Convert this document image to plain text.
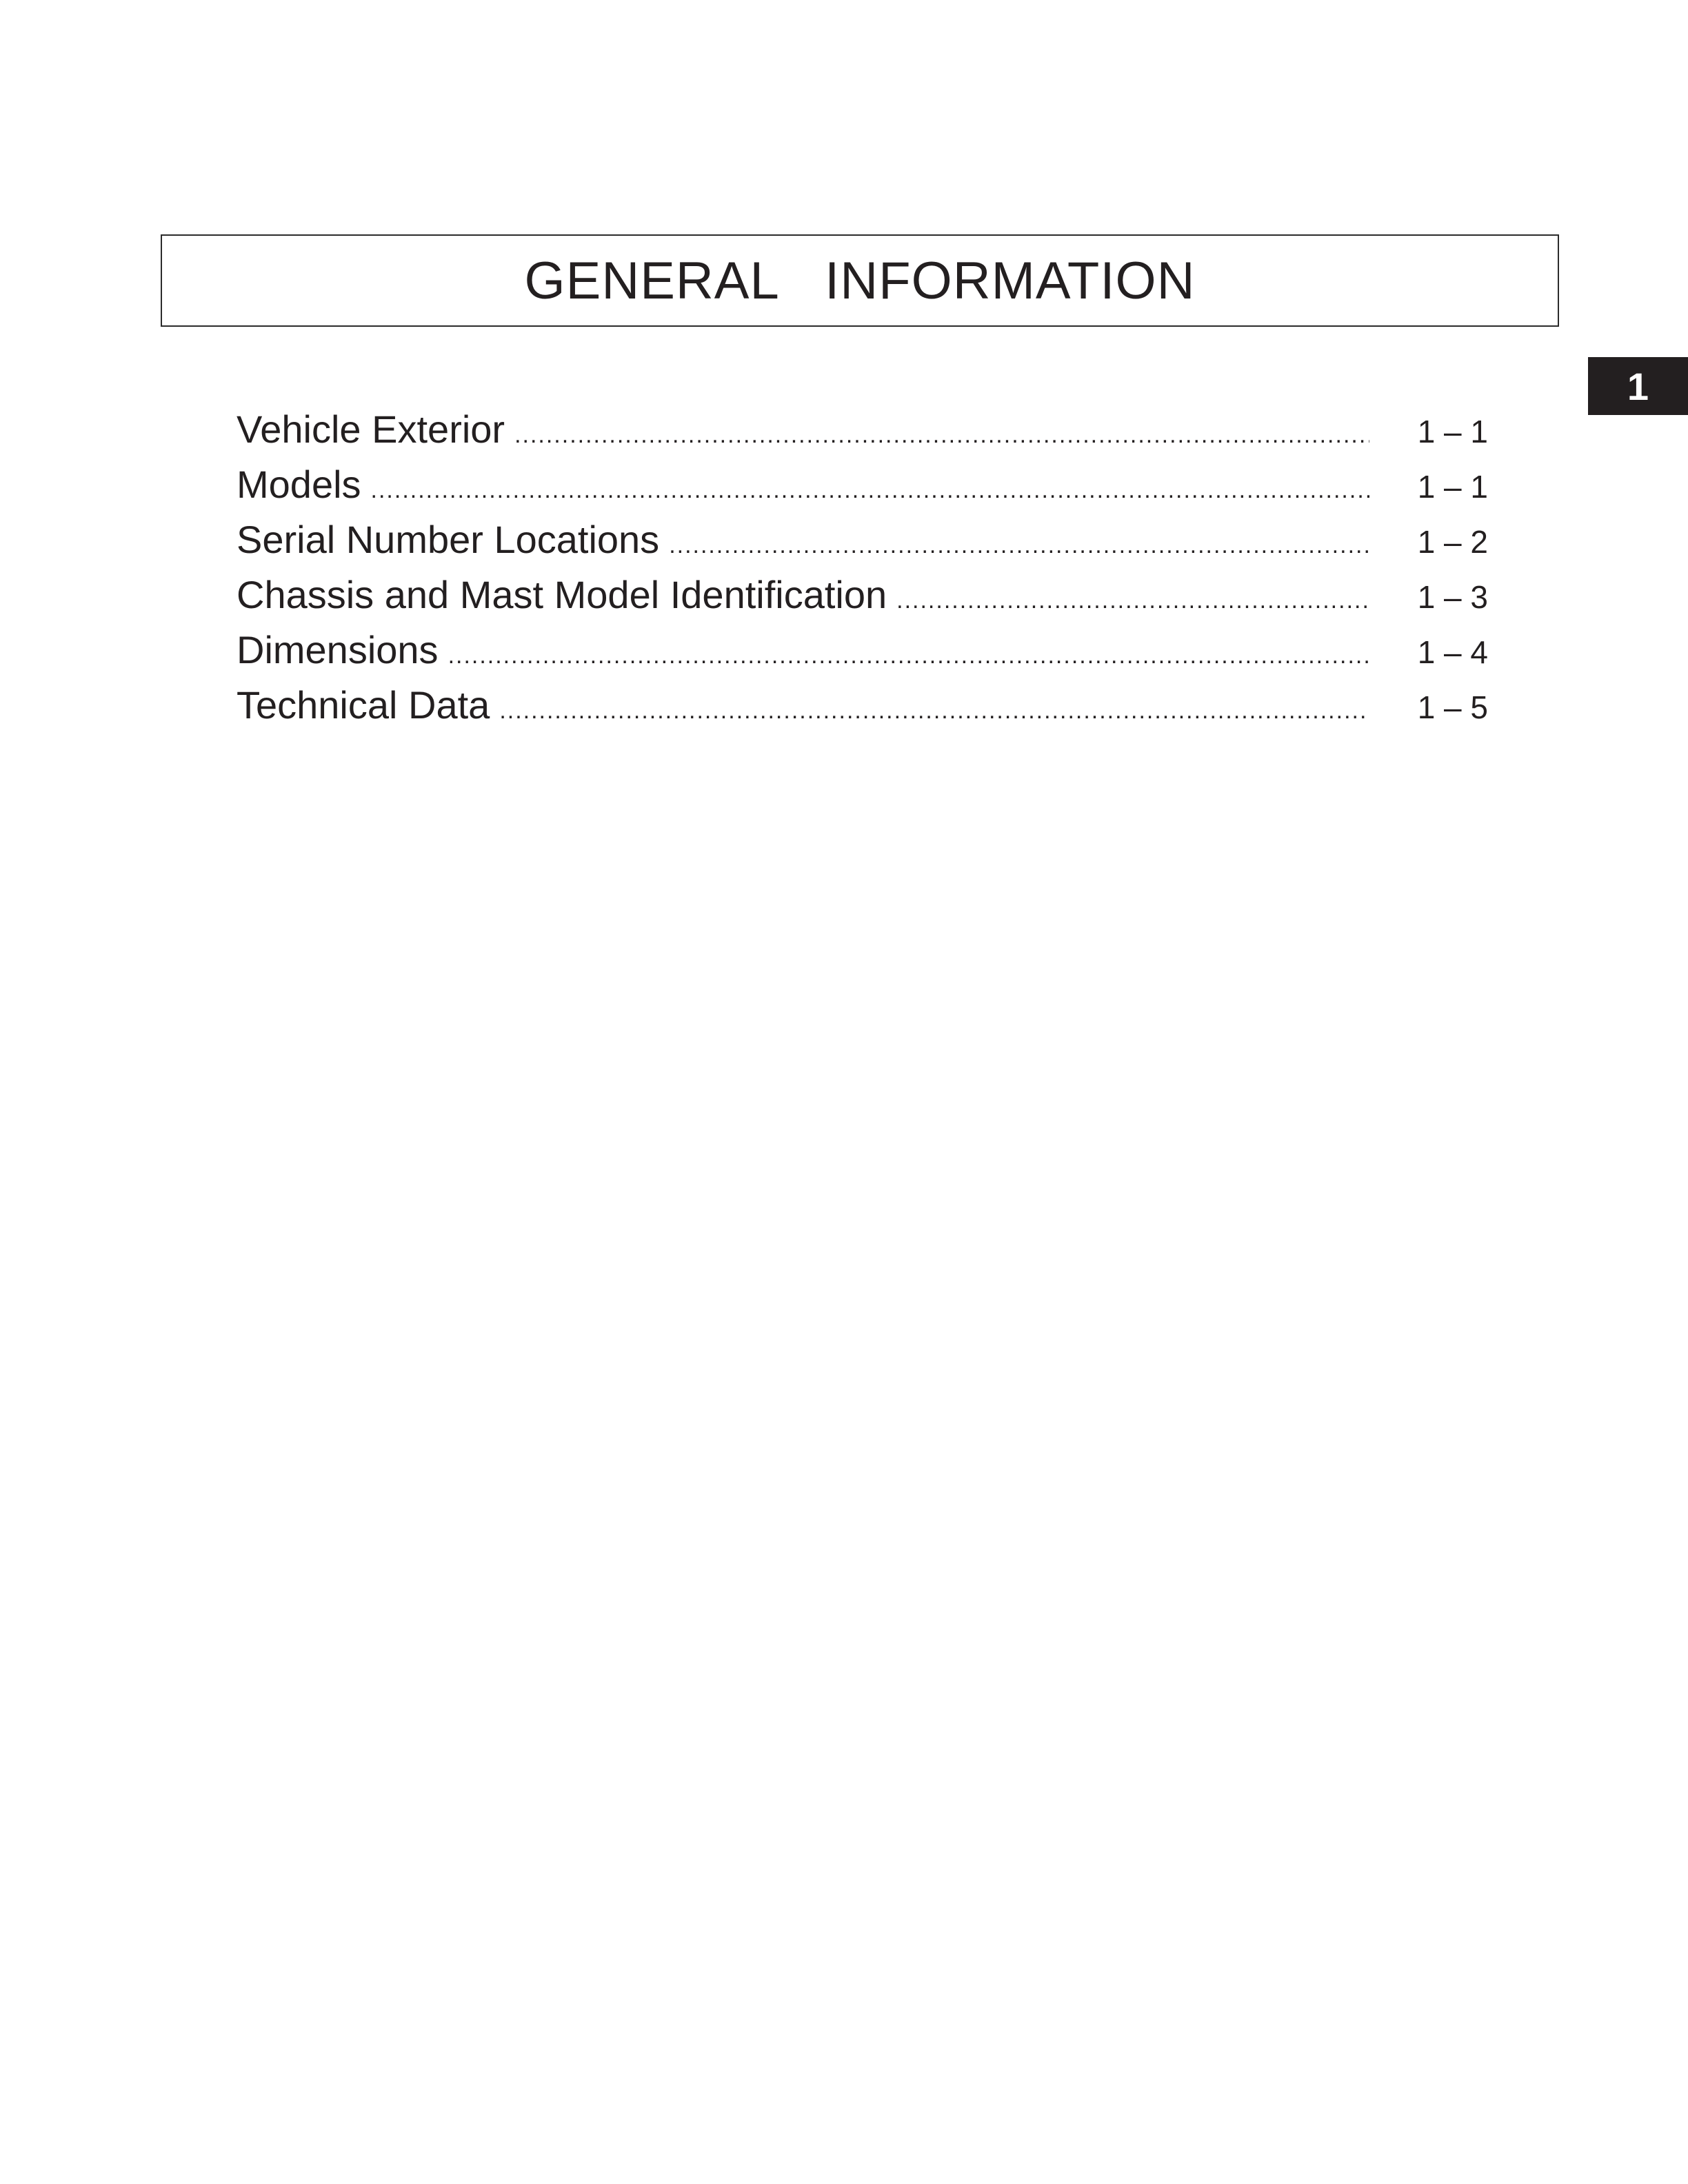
GENERAL  INFORMATION
1
Vehicle Exterior .....	1 – 1
Models .....	1 – 1
Serial Number Locations .....	1 – 2
Chassis and Mast Model Identification .....	1 – 3
Dimensions .....	1 – 4
Technical Data .....	1 – 5
